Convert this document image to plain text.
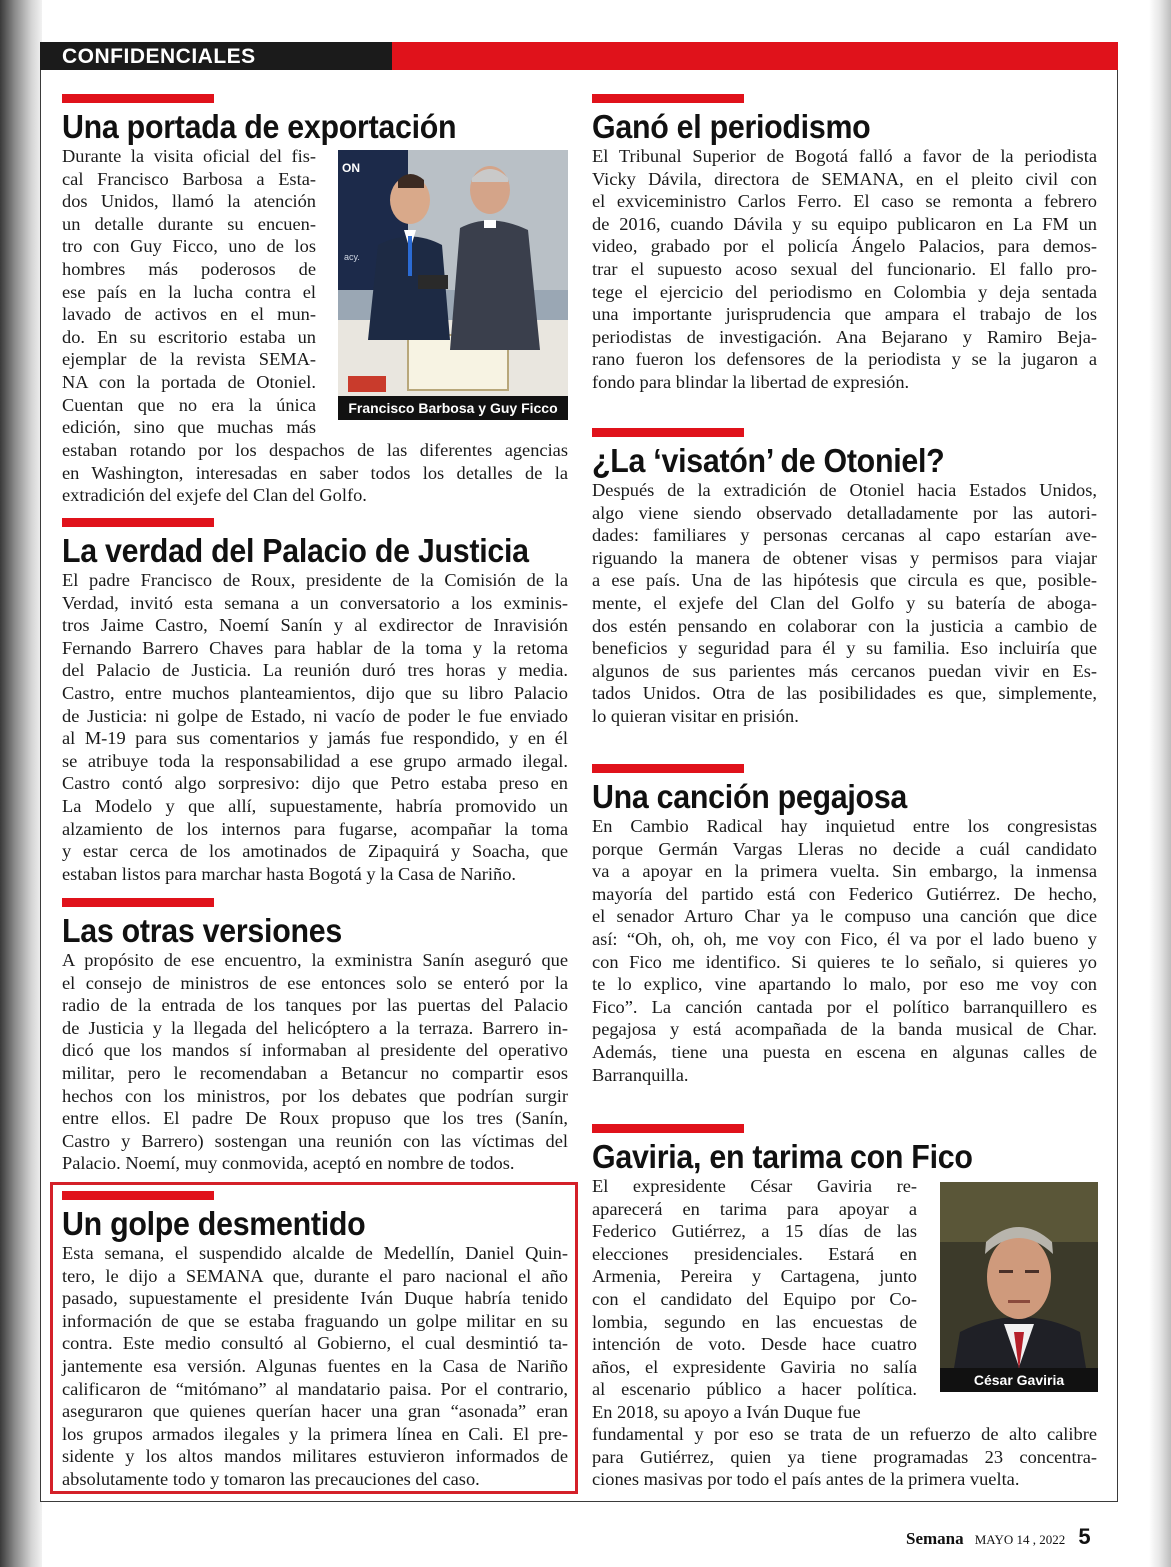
CONFIDENCIALES
Una portada de exportación
Durante la visita oficial del fis-
cal Francisco Barbosa a Esta-
dos Unidos, llamó la atención
un detalle durante su encuen-
tro con Guy Ficco, uno de los
hombres más poderosos de
ese país en la lucha contra el
lavado de activos en el mun-
do. En su escritorio estaba un
ejemplar de la revista SEMA-
NA con la portada de Otoniel.
Cuentan que no era la única
edición, sino que muchas más
estaban rotando por los despachos de las diferentes agencias
en Washington, interesadas en saber todos los detalles de la
extradición del exjefe del Clan del Golfo.
ON
acy.
Francisco Barbosa y Guy Ficco
La verdad del Palacio de Justicia
El padre Francisco de Roux, presidente de la Comisión de la
Verdad, invitó esta semana a un conversatorio a los exminis-
tros Jaime Castro, Noemí Sanín y al exdirector de Inravisión
Fernando Barrero Chaves para hablar de la toma y la retoma
del Palacio de Justicia. La reunión duró tres horas y media.
Castro, entre muchos planteamientos, dijo que su libro Palacio
de Justicia: ni golpe de Estado, ni vacío de poder le fue enviado
al M-19 para sus comentarios y jamás fue respondido, y en él
se atribuye toda la responsabilidad a ese grupo armado ilegal.
Castro contó algo sorpresivo: dijo que Petro estaba preso en
La Modelo y que allí, supuestamente, habría promovido un
alzamiento de los internos para fugarse, acompañar la toma
y estar cerca de los amotinados de Zipaquirá y Soacha, que
estaban listos para marchar hasta Bogotá y la Casa de Nariño.
Las otras versiones
A propósito de ese encuentro, la exministra Sanín aseguró que
el consejo de ministros de ese entonces solo se enteró por la
radio de la entrada de los tanques por las puertas del Palacio
de Justicia y la llegada del helicóptero a la terraza. Barrero in-
dicó que los mandos sí informaban al presidente del operativo
militar, pero le recomendaban a Betancur no compartir esos
hechos con los ministros, por los debates que podrían surgir
entre ellos. El padre De Roux propuso que los tres (Sanín,
Castro y Barrero) sostengan una reunión con las víctimas del
Palacio. Noemí, muy conmovida, aceptó en nombre de todos.
Un golpe desmentido
Esta semana, el suspendido alcalde de Medellín, Daniel Quin-
tero, le dijo a SEMANA que, durante el paro nacional el año
pasado, supuestamente el presidente Iván Duque habría tenido
información de que se estaba fraguando un golpe militar en su
contra. Este medio consultó al Gobierno, el cual desmintió ta-
jantemente esa versión. Algunas fuentes en la Casa de Nariño
calificaron de “mitómano” al mandatario paisa. Por el contrario,
aseguraron que quienes querían hacer una gran “asonada” eran
los grupos armados ilegales y la primera línea en Cali. El pre-
sidente y los altos mandos militares estuvieron informados de
absolutamente todo y tomaron las precauciones del caso.
Ganó el periodismo
El Tribunal Superior de Bogotá falló a favor de la periodista
Vicky Dávila, directora de SEMANA, en el pleito civil con
el exviceministro Carlos Ferro. El caso se remonta a febrero
de 2016, cuando Dávila y su equipo publicaron en La FM un
video, grabado por el policía Ángelo Palacios, para demos-
trar el supuesto acoso sexual del funcionario. El fallo pro-
tege el ejercicio del periodismo en Colombia y deja sentada
una importante jurisprudencia que ampara el trabajo de los
periodistas de investigación. Ana Bejarano y Ramiro Beja-
rano fueron los defensores de la periodista y se la jugaron a
fondo para blindar la libertad de expresión.
¿La ‘visatón’ de Otoniel?
Después de la extradición de Otoniel hacia Estados Unidos,
algo viene siendo observado detalladamente por las autori-
dades: familiares y personas cercanas al capo estarían ave-
riguando la manera de obtener visas y permisos para viajar
a ese país. Una de las hipótesis que circula es que, posible-
mente, el exjefe del Clan del Golfo y su batería de aboga-
dos estén pensando en colaborar con la justicia a cambio de
beneficios y seguridad para él y su familia. Eso incluiría que
algunos de sus parientes más cercanos puedan vivir en Es-
tados Unidos. Otra de las posibilidades es que, simplemente,
lo quieran visitar en prisión.
Una canción pegajosa
En Cambio Radical hay inquietud entre los congresistas
porque Germán Vargas Lleras no decide a cuál candidato
va a apoyar en la primera vuelta. Sin embargo, la inmensa
mayoría del partido está con Federico Gutiérrez. De hecho,
el senador Arturo Char ya le compuso una canción que dice
así: “Oh, oh, oh, me voy con Fico, él va por el lado bueno y
con Fico me identifico. Si quieres te lo señalo, si quieres yo
te lo explico, vine apartando lo malo, por eso me voy con
Fico”. La canción cantada por el político barranquillero es
pegajosa y está acompañada de la banda musical de Char.
Además, tiene una puesta en escena en algunas calles de
Barranquilla.
Gaviria, en tarima con Fico
El expresidente César Gaviria re-
aparecerá en tarima para apoyar a
Federico Gutiérrez, a 15 días de las
elecciones presidenciales. Estará en
Armenia, Pereira y Cartagena, junto
con el candidato del Equipo por Co-
lombia, segundo en las encuestas de
intención de voto. Desde hace cuatro
años, el expresidente Gaviria no salía
al escenario público a hacer política.
En 2018, su apoyo a Iván Duque fue
fundamental y por eso se trata de un refuerzo de alto calibre
para Gutiérrez, quien ya tiene programadas 23 concentra-
ciones masivas por todo el país antes de la primera vuelta.
César Gaviria
Semana MAYO 14 , 2022 5
